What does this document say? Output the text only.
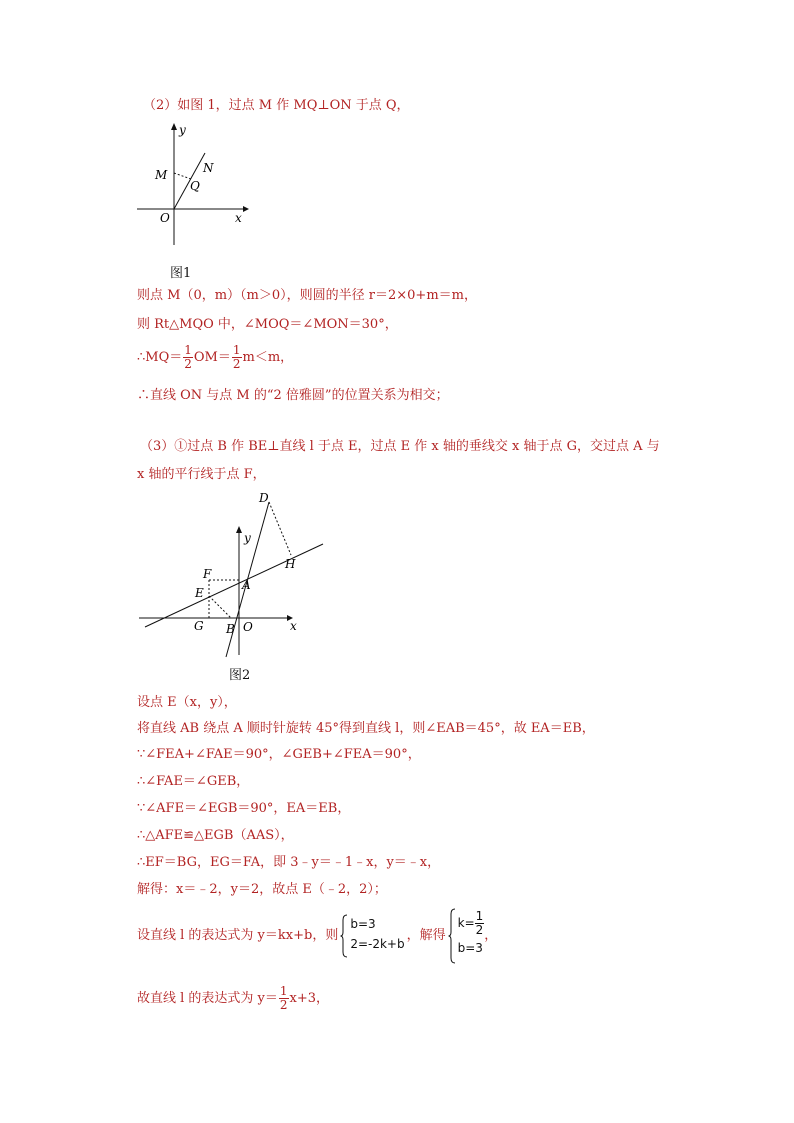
（2）如图 1，过点 M 作 MQ⊥ON 于点 Q，
y
N
M
Q
O	x
图1
则点 M（0，m）（m＞0），则圆的半径 r＝2×0+m＝m，
则 Rt△MQO 中，∠MOQ＝∠MON＝30°，
∴MQ＝ $\frac{1}{2} OM= \frac{1}{2} m<m$，
∴直线 ON 与点 M 的“2 倍雅圆”的位置关系为相交；
（3）①过点 B 作 BE⊥直线 l 于点 E，过点 E 作 x 轴的垂线交 x 轴于点 G，交过点 A 与
x 轴的平行线于点 F，
D
y
H
F
A
E
G B O	x
图2
设点 E（x，y），
将直线 AB 绕点 A 顺时针旋转 45°得到直线 l，则∠EAB＝45°，故 EA＝EB，
∵∠FEA+∠FAE＝90°，∠GEB+∠FEA＝90°，
∴∠FAE＝∠GEB，
∵∠AFE＝∠EGB＝90°，EA＝EB，
∴△AFE≌△EGB（AAS），
∴EF＝BG，EG＝FA，即 3﹣y＝﹣1﹣x，y＝﹣x，
解得：x＝﹣2，y＝2，故点 E（﹣2，2）；
设直线 l 的表达式为 y＝kx+b，则
b=3
2=-2k+b
，解得
$k= \frac{1}{2}$
b=3
，
故直线 l 的表达式为 $y= \frac{1}{2} x+3$，
